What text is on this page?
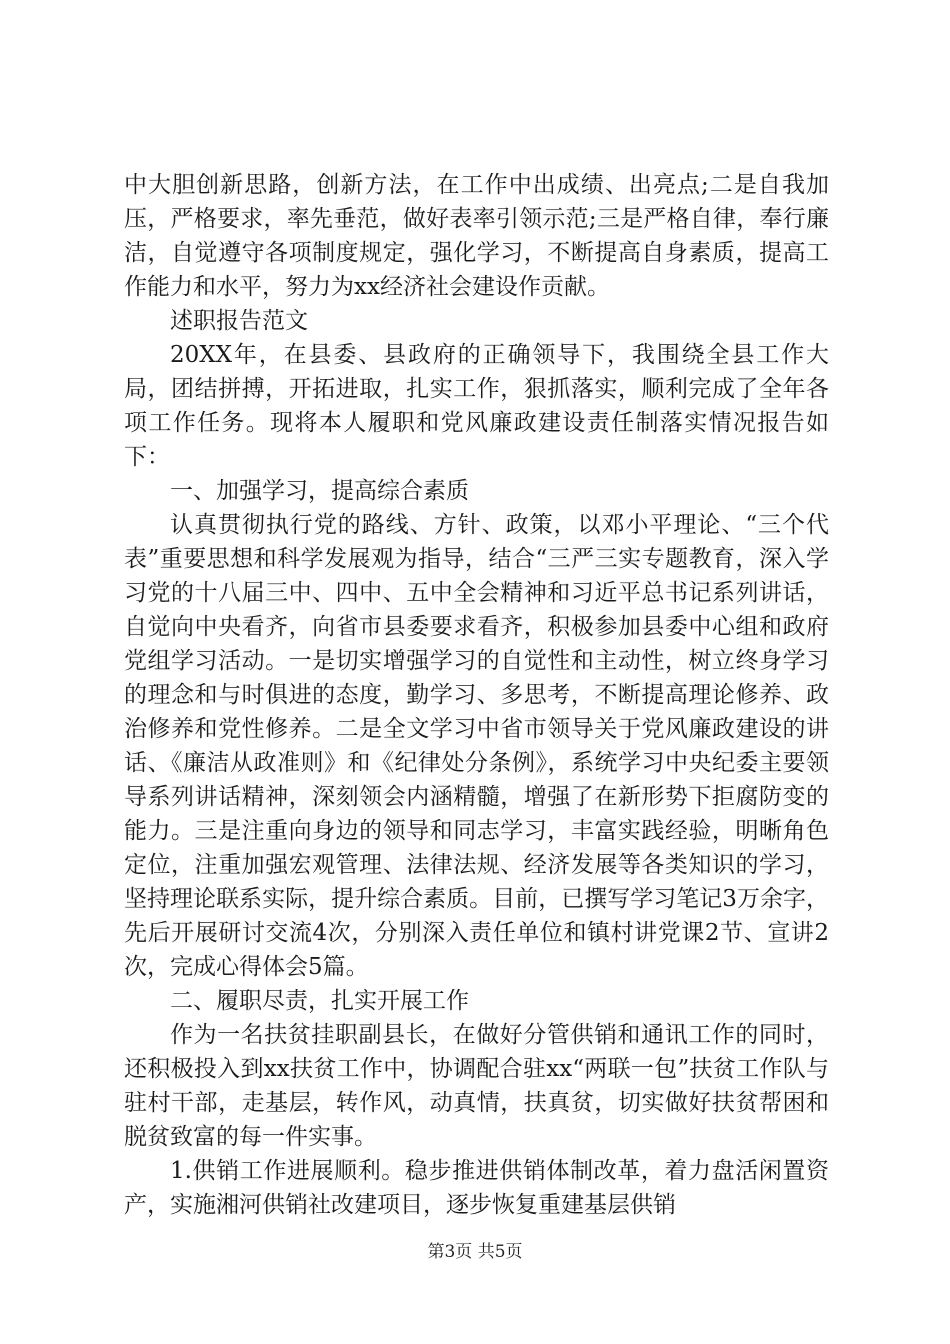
中大胆创新思路，创新方法，在工作中出成绩、出亮点;二是自我加压，严格要求，率先垂范，做好表率引领示范;三是严格自律，奉行廉洁，自觉遵守各项制度规定，强化学习，不断提高自身素质，提高工作能力和水平，努力为xx经济社会建设作贡献。

述职报告范文

20XX年，在县委、县政府的正确领导下，我围绕全县工作大局，团结拼搏，开拓进取，扎实工作，狠抓落实，顺利完成了全年各项工作任务。现将本人履职和党风廉政建设责任制落实情况报告如下：

一、加强学习，提高综合素质

认真贯彻执行党的路线、方针、政策，以邓小平理论、“三个代表”重要思想和科学发展观为指导，结合“三严三实专题教育，深入学习党的十八届三中、四中、五中全会精神和习近平总书记系列讲话，自觉向中央看齐，向省市县委要求看齐，积极参加县委中心组和政府党组学习活动。一是切实增强学习的自觉性和主动性，树立终身学习的理念和与时俱进的态度，勤学习、多思考，不断提高理论修养、政治修养和党性修养。二是全文学习中省市领导关于党风廉政建设的讲话、《廉洁从政准则》和《纪律处分条例》，系统学习中央纪委主要领导系列讲话精神，深刻领会内涵精髓，增强了在新形势下拒腐防变的能力。三是注重向身边的领导和同志学习，丰富实践经验，明晰角色定位，注重加强宏观管理、法律法规、经济发展等各类知识的学习，坚持理论联系实际，提升综合素质。目前，已撰写学习笔记3万余字，先后开展研讨交流4次，分别深入责任单位和镇村讲党课2节、宣讲2次，完成心得体会5篇。

二、履职尽责，扎实开展工作

作为一名扶贫挂职副县长，在做好分管供销和通讯工作的同时，还积极投入到xx扶贫工作中，协调配合驻xx“两联一包”扶贫工作队与驻村干部，走基层，转作风，动真情，扶真贫，切实做好扶贫帮困和脱贫致富的每一件实事。

1.供销工作进展顺利。稳步推进供销体制改革，着力盘活闲置资产，实施湘河供销社改建项目，逐步恢复重建基层供销

第3页 共5页
